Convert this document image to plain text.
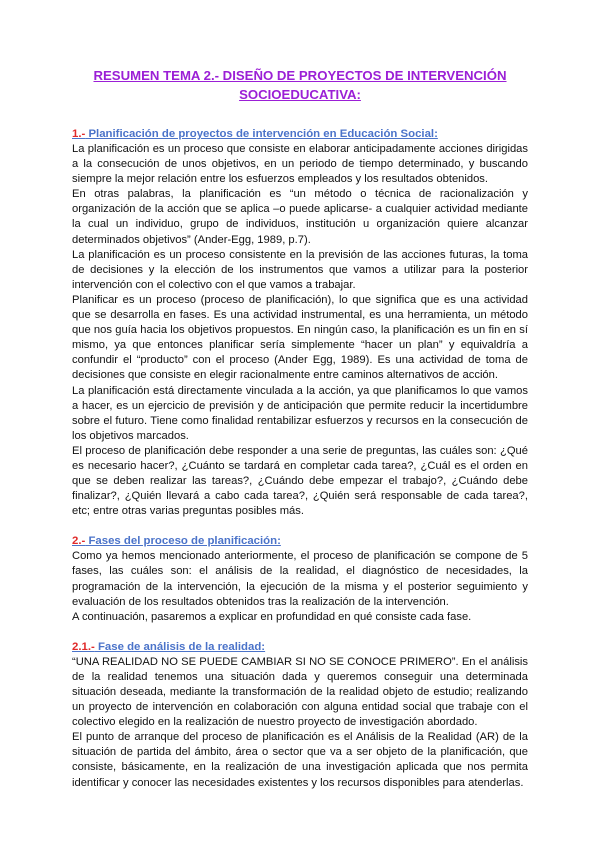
RESUMEN TEMA 2.- DISEÑO DE PROYECTOS DE INTERVENCIÓN SOCIOEDUCATIVA:
1.- Planificación de proyectos de intervención en Educación Social:

La planificación es un proceso que consiste en elaborar anticipadamente acciones dirigidas a la consecución de unos objetivos, en un periodo de tiempo determinado, y buscando siempre la mejor relación entre los esfuerzos empleados y los resultados obtenidos.

En otras palabras, la planificación es “un método o técnica de racionalización y organización de la acción que se aplica –o puede aplicarse- a cualquier actividad mediante la cual un individuo, grupo de individuos, institución u organización quiere alcanzar determinados objetivos” (Ander-Egg, 1989, p.7).

La planificación es un proceso consistente en la previsión de las acciones futuras, la toma de decisiones y la elección de los instrumentos que vamos a utilizar para la posterior intervención con el colectivo con el que vamos a trabajar.

Planificar es un proceso (proceso de planificación), lo que significa que es una actividad que se desarrolla en fases. Es una actividad instrumental, es una herramienta, un método que nos guía hacia los objetivos propuestos. En ningún caso, la planificación es un fin en sí mismo, ya que entonces planificar sería simplemente “hacer un plan” y equivaldría a confundir el “producto” con el proceso (Ander Egg, 1989). Es una actividad de toma de decisiones que consiste en elegir racionalmente entre caminos alternativos de acción.

La planificación está directamente vinculada a la acción, ya que planificamos lo que vamos a hacer, es un ejercicio de previsión y de anticipación que permite reducir la incertidumbre sobre el futuro. Tiene como finalidad rentabilizar esfuerzos y recursos en la consecución de los objetivos marcados.

El proceso de planificación debe responder a una serie de preguntas, las cuáles son: ¿Qué es necesario hacer?, ¿Cuánto se tardará en completar cada tarea?, ¿Cuál es el orden en que se deben realizar las tareas?, ¿Cuándo debe empezar el trabajo?, ¿Cuándo debe finalizar?, ¿Quién llevará a cabo cada tarea?, ¿Quién será responsable de cada tarea?, etc; entre otras varias preguntas posibles más.

2.- Fases del proceso de planificación:

Como ya hemos mencionado anteriormente, el proceso de planificación se compone de 5 fases, las cuáles son: el análisis de la realidad, el diagnóstico de necesidades, la programación de la intervención, la ejecución de la misma y el posterior seguimiento y evaluación de los resultados obtenidos tras la realización de la intervención.

A continuación, pasaremos a explicar en profundidad en qué consiste cada fase.

2.1.- Fase de análisis de la realidad:

“UNA REALIDAD NO SE PUEDE CAMBIAR SI NO SE CONOCE PRIMERO”. En el análisis de la realidad tenemos una situación dada y queremos conseguir una determinada situación deseada, mediante la transformación de la realidad objeto de estudio; realizando un proyecto de intervención en colaboración con alguna entidad social que trabaje con el colectivo elegido en la realización de nuestro proyecto de investigación abordado.

El punto de arranque del proceso de planificación es el Análisis de la Realidad (AR) de la situación de partida del ámbito, área o sector que va a ser objeto de la planificación, que consiste, básicamente, en la realización de una investigación aplicada que nos permita identificar y conocer las necesidades existentes y los recursos disponibles para atenderlas.
